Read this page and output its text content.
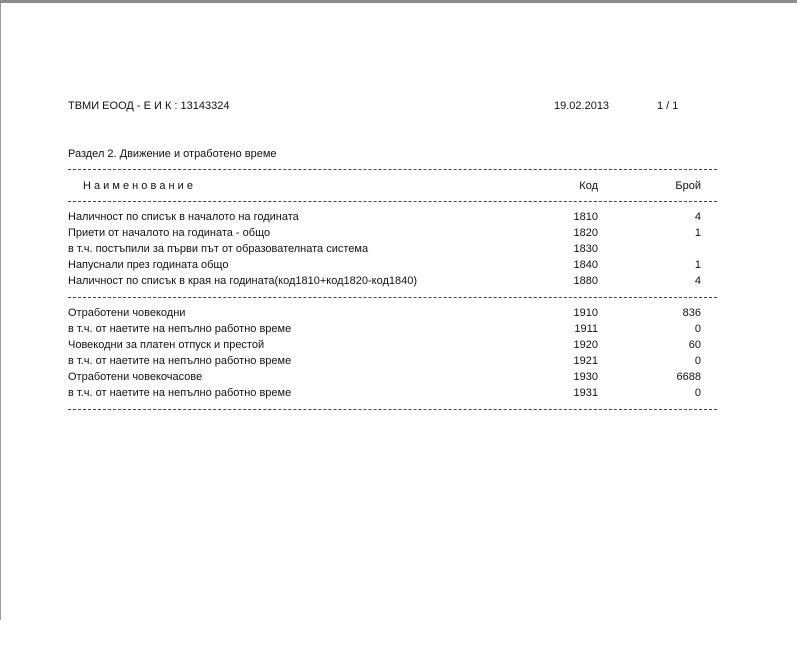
ТВМИ ЕООД - Е И К : 13143324	19.02.2013	1 / 1
Раздел 2. Движение и отработено време
Н а и м е н о в а н и е	Код	Брой
Наличност по списък в началото на годината	1810	4
Приети от началото на годината - общо	1820	1
в т.ч. постъпили за първи път от образователната система	1830
Напуснали през годината общо	1840	1
Наличност по списък в края на годината(код1810+код1820-код1840)	1880	4
Отработени човекодни	1910	836
в т.ч. от наетите на непълно работно време	1911	0
Човекодни за платен отпуск и престой	1920	60
в т.ч. от наетите на непълно работно време	1921	0
Отработени човекочасове	1930	6688
в т.ч. от наетите на непълно работно време	1931	0
